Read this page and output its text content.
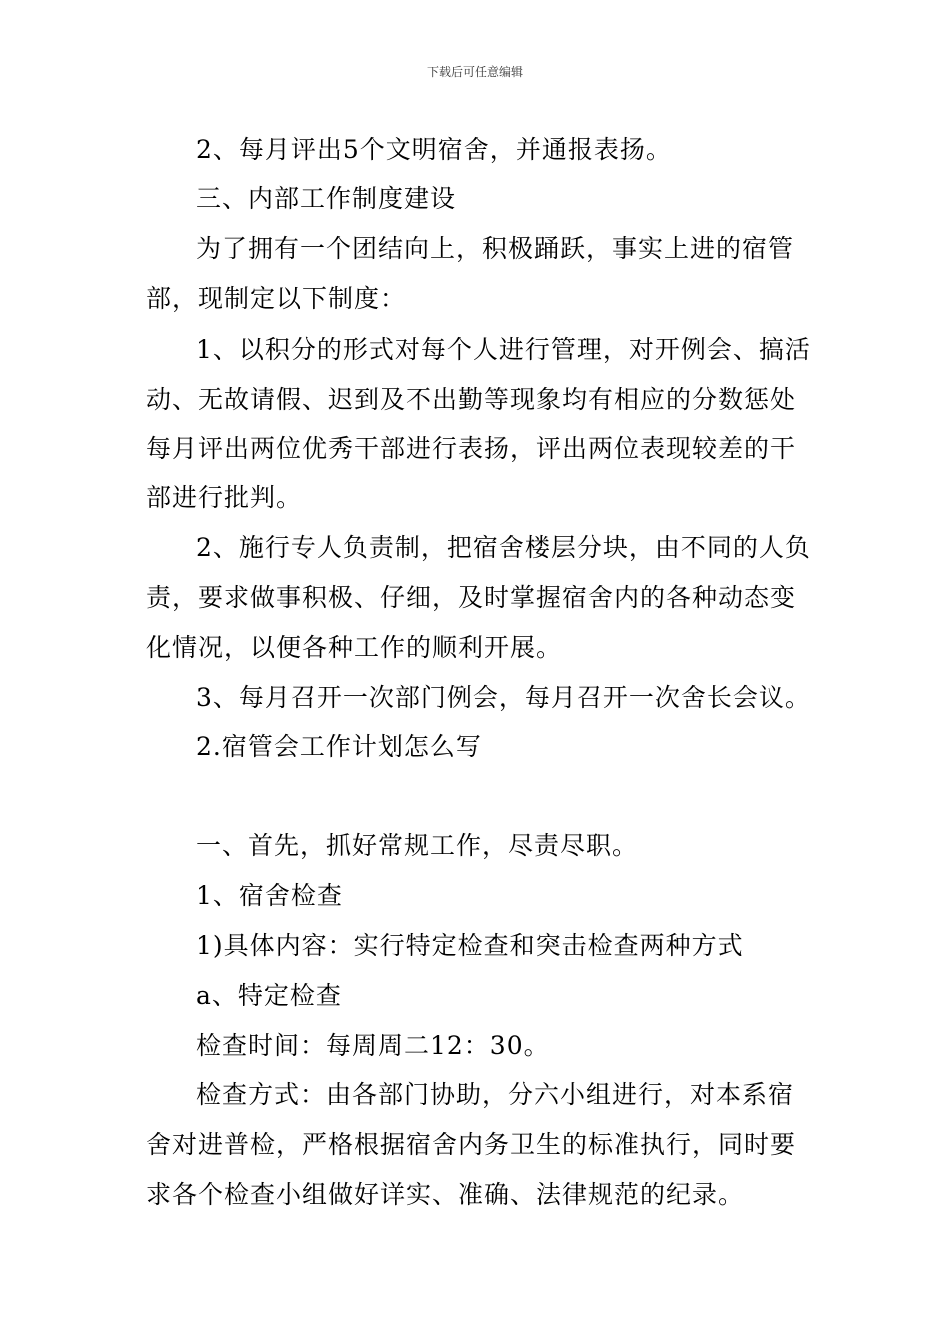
下载后可任意编辑
2、每月评出5个文明宿舍，并通报表扬。
三、内部工作制度建设
为了拥有一个团结向上，积极踊跃，事实上进的宿管
部，现制定以下制度：
1、以积分的形式对每个人进行管理，对开例会、搞活
动、无故请假、迟到及不出勤等现象均有相应的分数惩处
每月评出两位优秀干部进行表扬，评出两位表现较差的干
部进行批判。
2、施行专人负责制，把宿舍楼层分块，由不同的人负
责，要求做事积极、仔细，及时掌握宿舍内的各种动态变
化情况，以便各种工作的顺利开展。
3、每月召开一次部门例会，每月召开一次舍长会议。
2.宿管会工作计划怎么写
一、首先，抓好常规工作，尽责尽职。
1、宿舍检查
1)具体内容：实行特定检查和突击检查两种方式
a、特定检查
检查时间：每周周二12：30。
检查方式：由各部门协助，分六小组进行，对本系宿
舍对进普检，严格根据宿舍内务卫生的标准执行，同时要
求各个检查小组做好详实、准确、法律规范的纪录。
